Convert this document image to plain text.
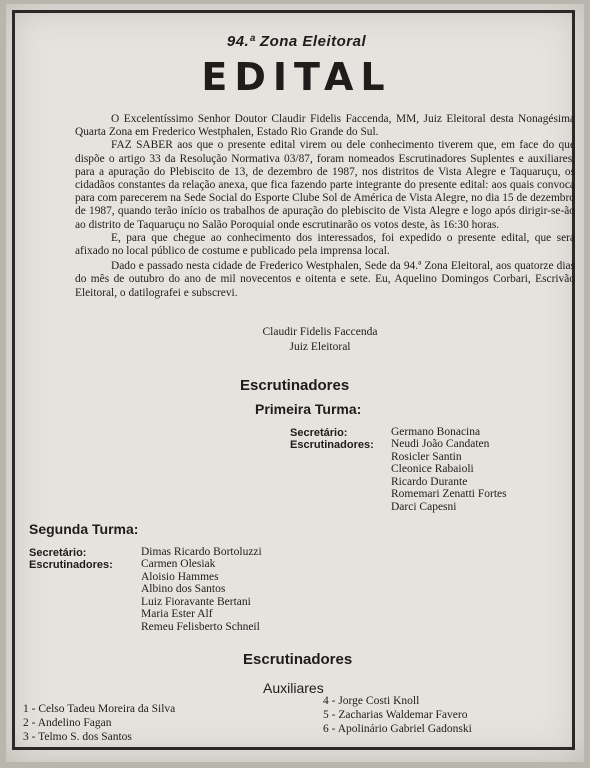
94.ª Zona Eleitoral
EDITAL

O Excelentíssimo Senhor Doutor Claudir Fidelis Faccenda, MM, Juiz Eleitoral desta Nonagésima Quarta Zona em Frederico Westphalen, Estado Rio Grande do Sul.

FAZ SABER aos que o presente edital virem ou dele conhecimento tiverem que, em face do que dispõe o artigo 33 da Resolução Normativa 03/87, foram nomeados Escrutinadores Suplentes e auxiliares, para a apuração do Plebiscito de 13, de dezembro de 1987, nos distritos de Vista Alegre e Taquaruçu, os cidadãos constantes da relação anexa, que fica fazendo parte integrante do presente edital: aos quais convoca para com parecerem na Sede Social do Esporte Clube Sol de América de Vista Alegre, no dia 15 de dezembro de 1987, quando terão início os trabalhos de apuração do plebiscito de Vista Alegre e logo após dirigir-se-ão ao distrito de Taquaruçu no Salão Poroquial onde escrutinarão os votos deste, às 16:30 horas.

E, para que chegue ao conhecimento dos interessados, foi expedido o presente edital, que será afixado no local público de costume e publicado pela imprensa local.

Dado e passado nesta cidade de Frederico Westphalen, Sede da 94.ª Zona Eleitoral, aos quatorze dias do mês de outubro do ano de mil novecentos e oitenta e sete. Eu, Aquelino Domingos Corbari, Escrivão Eleitoral, o datilografei e subscrevi.

Claudir Fidelis Faccenda
Juiz Eleitoral
Escrutinadores
Primeira Turma:
Secretário:	Germano Bonacina
Escrutinadores: Neudi João Candaten
Rosicler Santin
Cleonice Rabaioli
Ricardo Durante
Romemari Zenatti Fortes
Darci Capesni
Segunda Turma:
Secretário:	Dimas Ricardo Bortoluzzi
Escrutinadores: Carmen Olesiak
Aloisio Hammes
Albino dos Santos
Luiz Fioravante Bertani
Maria Ester Alf
Remeu Felisberto Schneil
Escrutinadores
Auxiliares
1 - Celso Tadeu Moreira da Silva
2 - Andelino Fagan
3 - Telmo S. dos Santos
4 - Jorge Costi Knoll
5 - Zacharias Waldemar Favero
6 - Apolinário Gabriel Gadonski
